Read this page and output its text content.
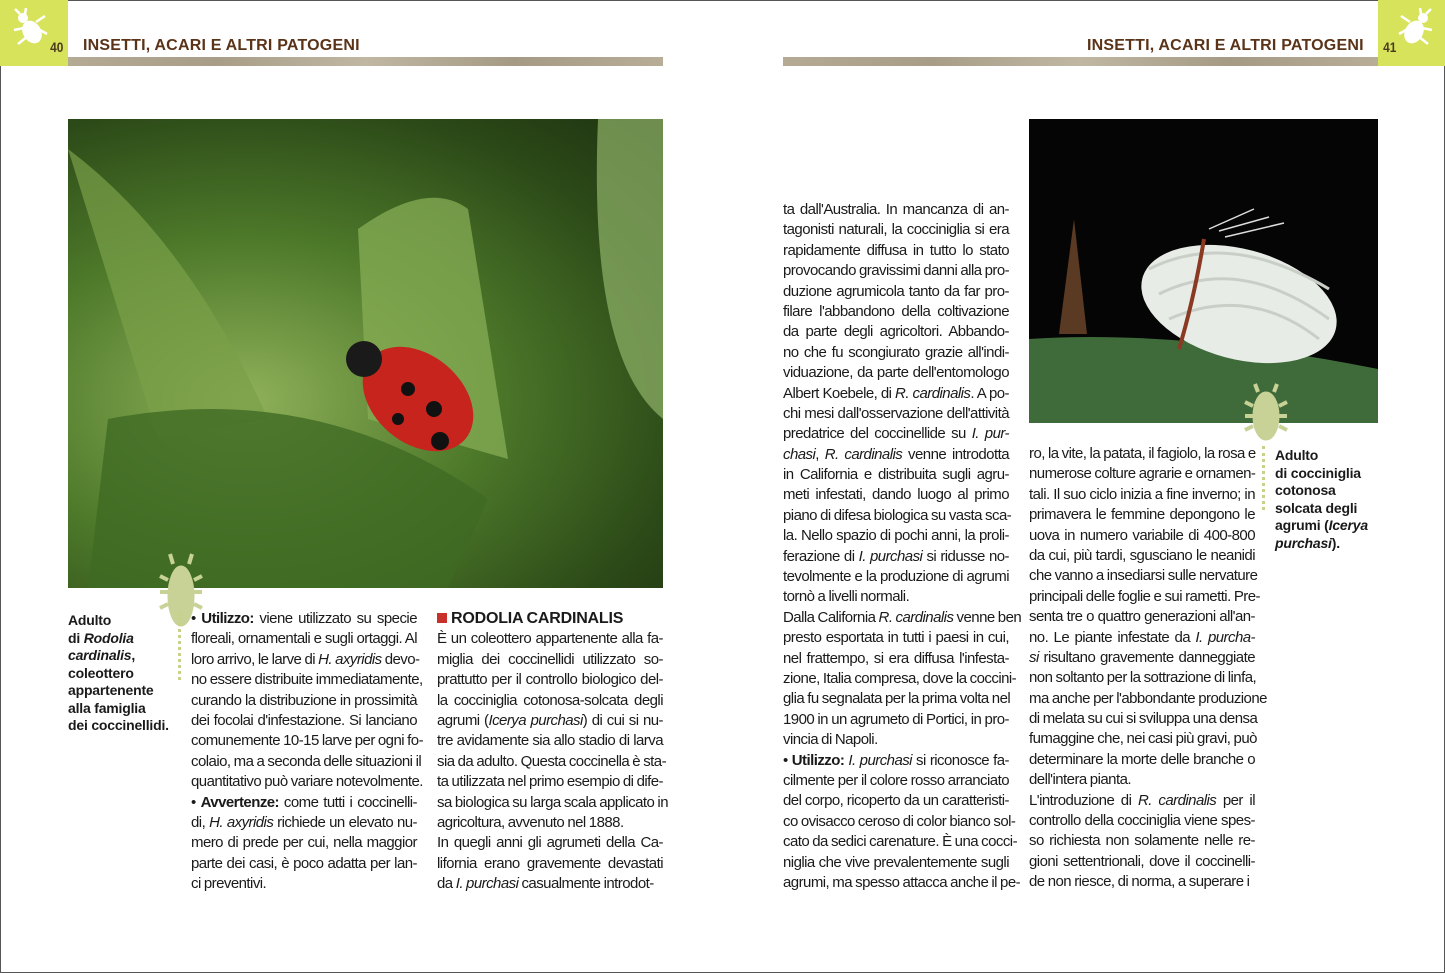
40 INSETTI, ACARI E ALTRI PATOGENI	41
INSETTI, ACARI E ALTRI PATOGENI
Adulto
di Rodolia
cardinalis,
coleottero
appartenente
alla famiglia
dei coccinellidi.
• Utilizzo: viene utilizzato su specie
floreali, ornamentali e sugli ortaggi. Al
loro arrivo, le larve di H. axyridis devo-
no essere distribuite immediatamente,
curando la distribuzione in prossimità
dei focolai d'infestazione. Si lanciano
comunemente 10-15 larve per ogni fo-
colaio, ma a seconda delle situazioni il
quantitativo può variare notevolmente.
• Avvertenze: come tutti i coccinelli-
di, H. axyridis richiede un elevato nu-
mero di prede per cui, nella maggior
parte dei casi, è poco adatta per lan-
ci preventivi.
RODOLIA CARDINALIS
È un coleottero appartenente alla fa-
miglia dei coccinellidi utilizzato so-
prattutto per il controllo biologico del-
la cocciniglia cotonosa-solcata degli
agrumi (Icerya purchasi) di cui si nu-
tre avidamente sia allo stadio di larva
sia da adulto. Questa coccinella è sta-
ta utilizzata nel primo esempio di dife-
sa biologica su larga scala applicato in
agricoltura, avvenuto nel 1888.
In quegli anni gli agrumeti della Ca-
lifornia erano gravemente devastati
da I. purchasi casualmente introdot-
ta dall'Australia. In mancanza di an-
tagonisti naturali, la cocciniglia si era
rapidamente diffusa in tutto lo stato
provocando gravissimi danni alla pro-
duzione agrumicola tanto da far pro-
filare l'abbandono della coltivazione
da parte degli agricoltori. Abbando-
no che fu scongiurato grazie all'indi-
viduazione, da parte dell'entomologo
Albert Koebele, di R. cardinalis. A po-
chi mesi dall'osservazione dell'attività
predatrice del coccinellide su I. pur-
chasi, R. cardinalis venne introdotta
in California e distribuita sugli agru-
meti infestati, dando luogo al primo
piano di difesa biologica su vasta sca-
la. Nello spazio di pochi anni, la proli-
ferazione di I. purchasi si ridusse no-
tevolmente e la produzione di agrumi
tornò a livelli normali.
Dalla California R. cardinalis venne ben
presto esportata in tutti i paesi in cui,
nel frattempo, si era diffusa l'infesta-
zione, Italia compresa, dove la coccini-
glia fu segnalata per la prima volta nel
1900 in un agrumeto di Portici, in pro-
vincia di Napoli.
• Utilizzo: I. purchasi si riconosce fa-
cilmente per il colore rosso arranciato
del corpo, ricoperto da un caratteristi-
co ovisacco ceroso di color bianco sol-
cato da sedici carenature. È una cocci-
niglia che vive prevalentemente sugli
agrumi, ma spesso attacca anche il pe-
ro, la vite, la patata, il fagiolo, la rosa e
numerose colture agrarie e ornamen-
tali. Il suo ciclo inizia a fine inverno; in
primavera le femmine depongono le
uova in numero variabile di 400-800
da cui, più tardi, sgusciano le neanidi
che vanno a insediarsi sulle nervature
principali delle foglie e sui rametti. Pre-
senta tre o quattro generazioni all'an-
no. Le piante infestate da I. purcha-
si risultano gravemente danneggiate
non soltanto per la sottrazione di linfa,
ma anche per l'abbondante produzione
di melata su cui si sviluppa una densa
fumaggine che, nei casi più gravi, può
determinare la morte delle branche o
dell'intera pianta.
L'introduzione di R. cardinalis per il
controllo della cocciniglia viene spes-
so richiesta non solamente nelle re-
gioni settentrionali, dove il coccinelli-
de non riesce, di norma, a superare i
Adulto
di cocciniglia
cotonosa
solcata degli
agrumi (Icerya
purchasi).
